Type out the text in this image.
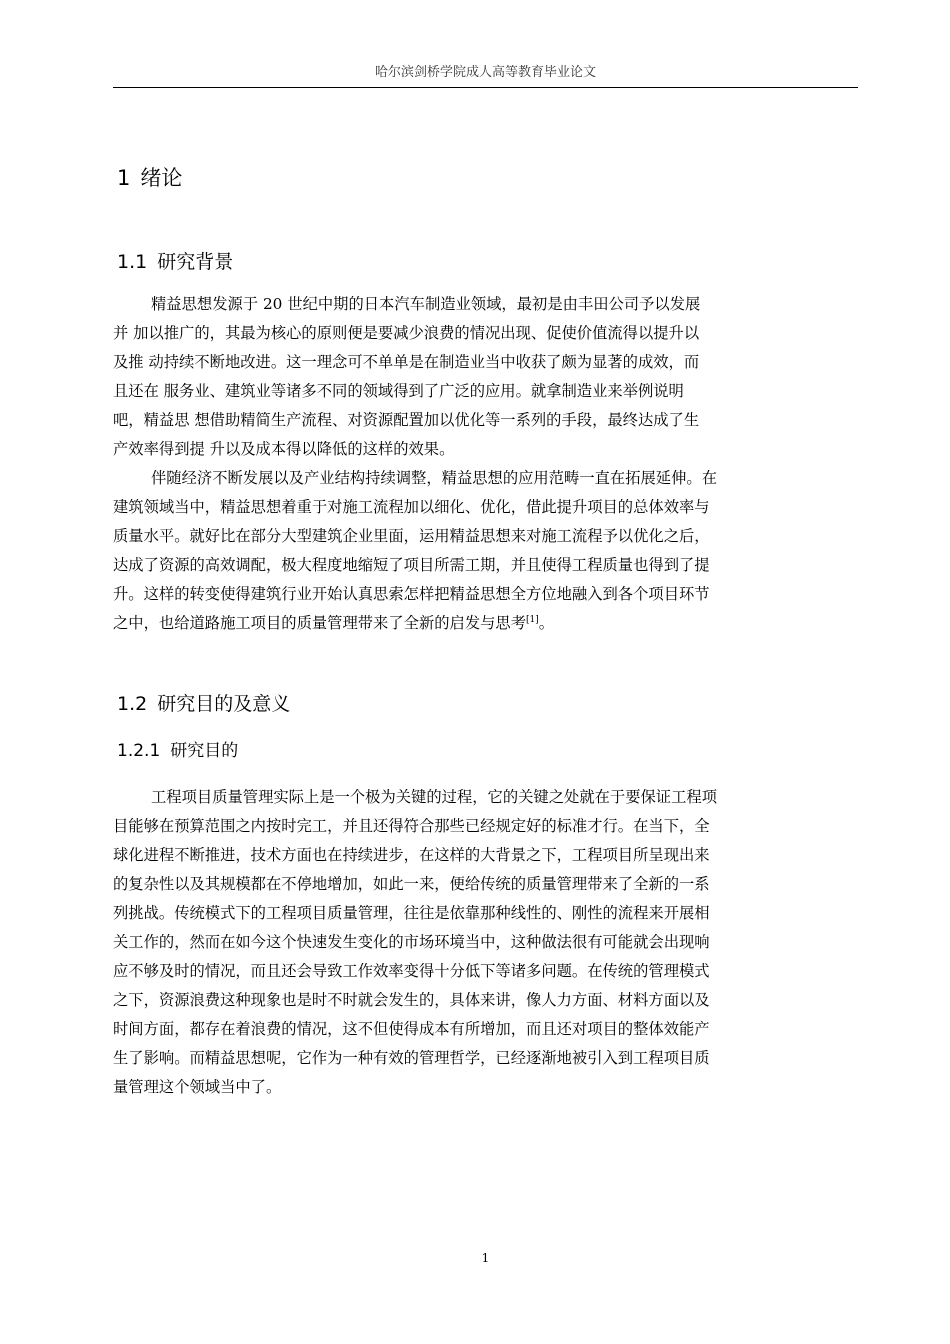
哈尔滨剑桥学院成人高等教育毕业论文
1 绪论
1.1 研究背景
精益思想发源于 20 世纪中期的日本汽车制造业领域，最初是由丰田公司予以发展
并 加以推广的，其最为核心的原则便是要减少浪费的情况出现、促使价值流得以提升以
及推 动持续不断地改进。这一理念可不单单是在制造业当中收获了颇为显著的成效，而
且还在 服务业、建筑业等诸多不同的领域得到了广泛的应用。就拿制造业来举例说明
吧，精益思 想借助精简生产流程、对资源配置加以优化等一系列的手段，最终达成了生
产效率得到提 升以及成本得以降低的这样的效果。
伴随经济不断发展以及产业结构持续调整，精益思想的应用范畴一直在拓展延伸。在
建筑领域当中，精益思想着重于对施工流程加以细化、优化，借此提升项目的总体效率与
质量水平。就好比在部分大型建筑企业里面，运用精益思想来对施工流程予以优化之后，
达成了资源的高效调配，极大程度地缩短了项目所需工期，并且使得工程质量也得到了提
升。这样的转变使得建筑行业开始认真思索怎样把精益思想全方位地融入到各个项目环节
之中，也给道路施工项目的质量管理带来了全新的启发与思考[1]。
1.2 研究目的及意义
1.2.1 研究目的
工程项目质量管理实际上是一个极为关键的过程，它的关键之处就在于要保证工程项
目能够在预算范围之内按时完工，并且还得符合那些已经规定好的标准才行。在当下，全
球化进程不断推进，技术方面也在持续进步，在这样的大背景之下，工程项目所呈现出来
的复杂性以及其规模都在不停地增加，如此一来，便给传统的质量管理带来了全新的一系
列挑战。传统模式下的工程项目质量管理，往往是依靠那种线性的、刚性的流程来开展相
关工作的，然而在如今这个快速发生变化的市场环境当中，这种做法很有可能就会出现响
应不够及时的情况，而且还会导致工作效率变得十分低下等诸多问题。在传统的管理模式
之下，资源浪费这种现象也是时不时就会发生的，具体来讲，像人力方面、材料方面以及
时间方面，都存在着浪费的情况，这不但使得成本有所增加，而且还对项目的整体效能产
生了影响。而精益思想呢，它作为一种有效的管理哲学，已经逐渐地被引入到工程项目质
量管理这个领域当中了。
1
